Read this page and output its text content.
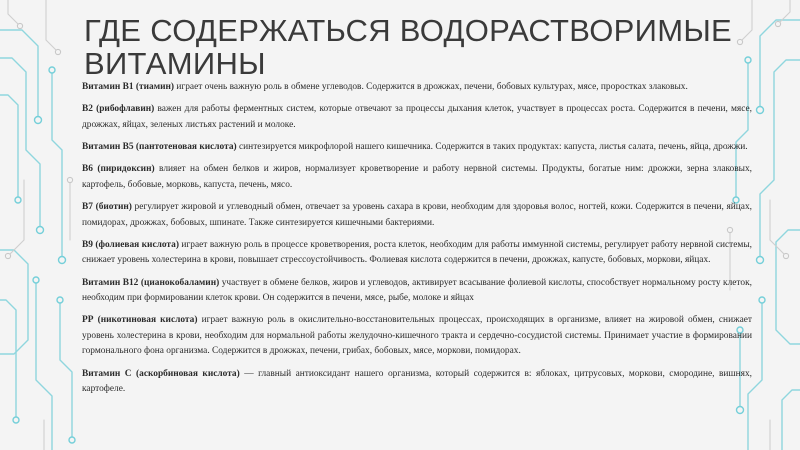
ГДЕ СОДЕРЖАТЬСЯ ВОДОРАСТВОРИМЫЕ ВИТАМИНЫ

Витамин В1 (тиамин) играет очень важную роль в обмене углеводов. Содержится в дрожжах, печени, бобовых культурах, мясе, проростках злаковых.

В2 (рибофлавин) важен для работы ферментных систем, которые отвечают за процессы дыхания клеток, участвует в процессах роста. Содержится в печени, мясе, дрожжах, яйцах, зеленых листьях растений и молоке.

Витамин В5 (пантотеновая кислота) синтезируется микрофлорой нашего кишечника. Содержится в таких продуктах: капуста, листья салата, печень, яйца, дрожжи.

В6 (пиридоксин) влияет на обмен белков и жиров, нормализует кроветворение и работу нервной системы. Продукты, богатые ним: дрожжи, зерна злаковых, картофель, бобовые, морковь, капуста, печень, мясо.

В7 (биотин) регулирует жировой и углеводный обмен, отвечает за уровень сахара в крови, необходим для здоровья волос, ногтей, кожи. Содержится в печени, яйцах, помидорах, дрожжах, бобовых, шпинате. Также синтезируется кишечными бактериями.

В9 (фолиевая кислота) играет важную роль в процессе кроветворения, роста клеток, необходим для работы иммунной системы, регулирует работу нервной системы, снижает уровень холестерина в крови, повышает стрессоустойчивость. Фолиевая кислота содержится в печени, дрожжах, капусте, бобовых, моркови, яйцах.

Витамин В12 (цианокобаламин) участвует в обмене белков, жиров и углеводов, активирует всасывание фолиевой кислоты, способствует нормальному росту клеток, необходим при формировании клеток крови. Он содержится в печени, мясе, рыбе, молоке и яйцах

РР (никотиновая кислота) играет важную роль в окислительно-восстановительных процессах, происходящих в организме, влияет на жировой обмен, снижает уровень холестерина в крови, необходим для нормальной работы желудочно-кишечного тракта и сердечно-сосудистой системы. Принимает участие в формировании гормонального фона организма. Содержится в дрожжах, печени, грибах, бобовых, мясе, моркови, помидорах.

Витамин С (аскорбиновая кислота) — главный антиоксидант нашего организма, который содержится в: яблоках, цитрусовых, моркови, смородине, вишнях, картофеле.
